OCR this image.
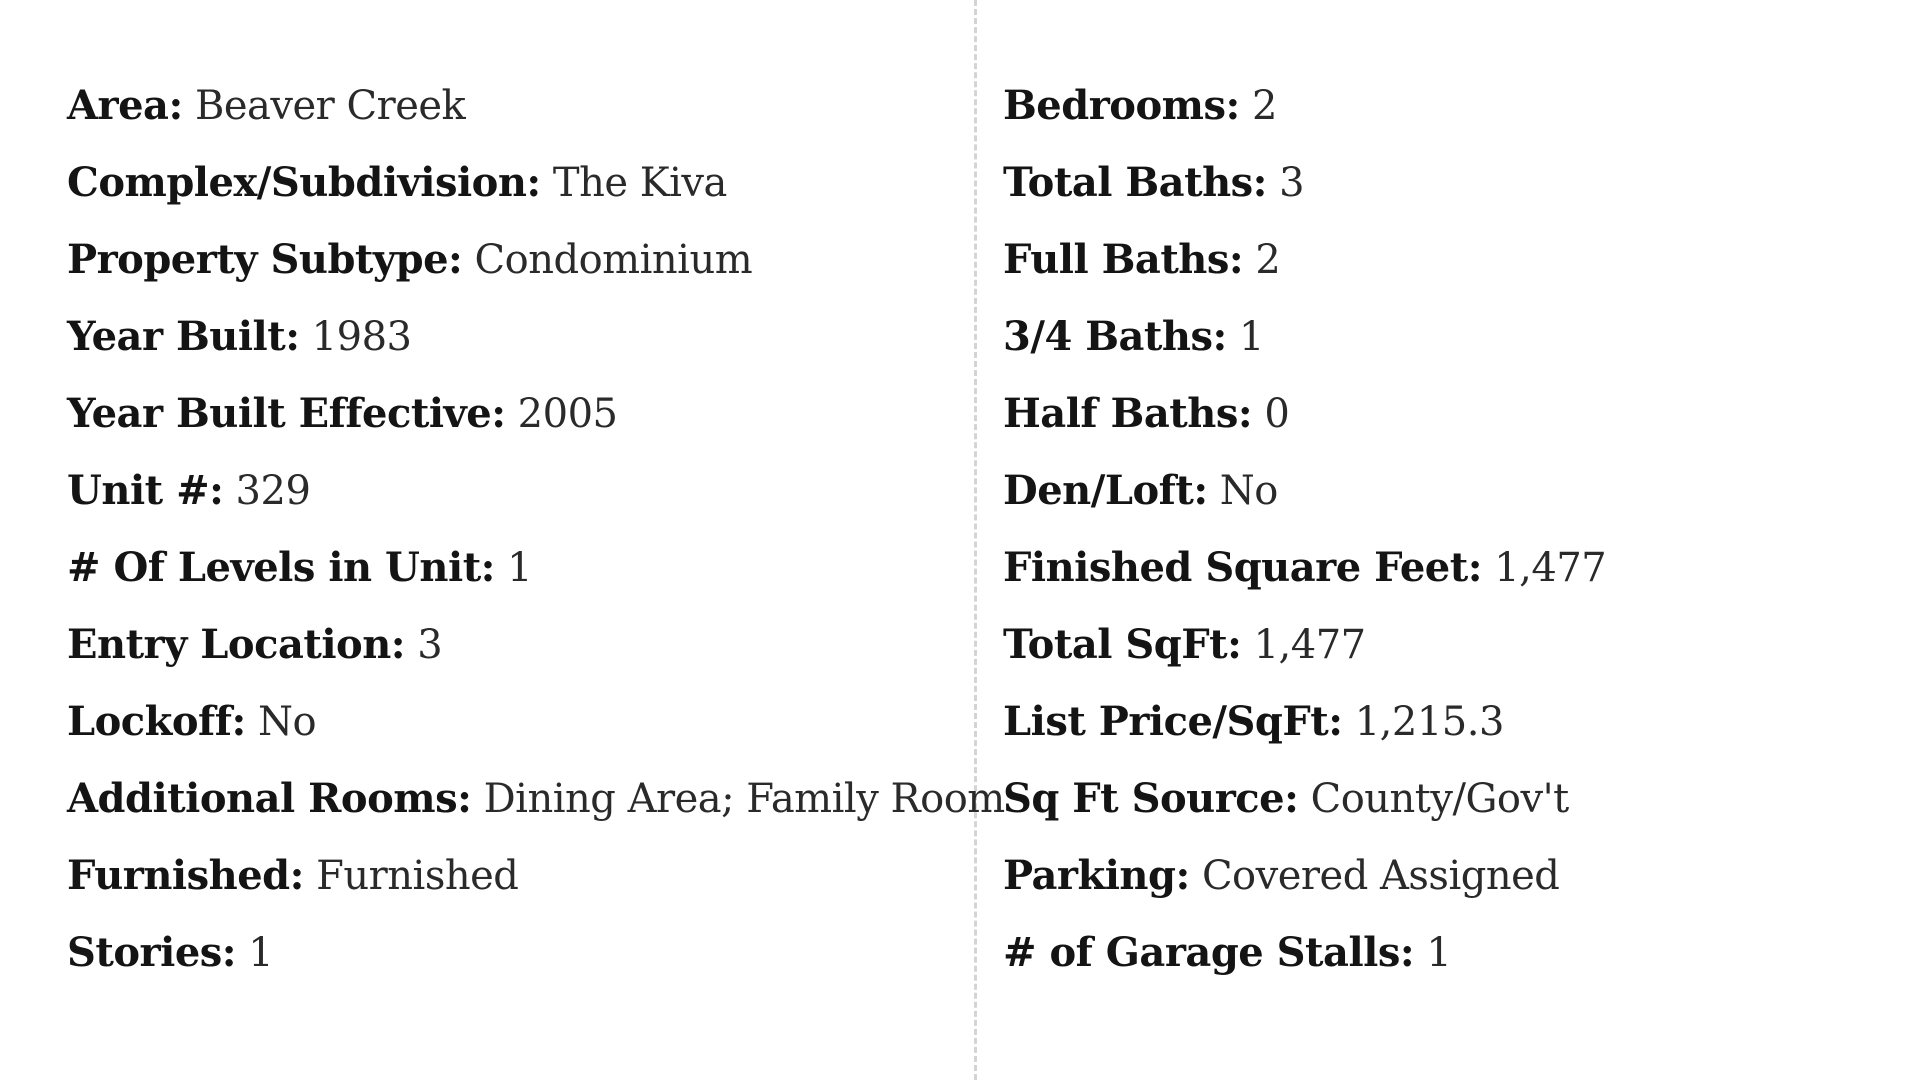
Area: Beaver Creek
Complex/Subdivision: The Kiva
Property Subtype: Condominium
Year Built: 1983
Year Built Effective: 2005
Unit #: 329
# Of Levels in Unit: 1
Entry Location: 3
Lockoff: No
Additional Rooms: Dining Area; Family Room
Furnished: Furnished
Stories: 1
Bedrooms: 2
Total Baths: 3
Full Baths: 2
3/4 Baths: 1
Half Baths: 0
Den/Loft: No
Finished Square Feet: 1,477
Total SqFt: 1,477
List Price/SqFt: 1,215.3
Sq Ft Source: County/Gov't
Parking: Covered Assigned
# of Garage Stalls: 1
